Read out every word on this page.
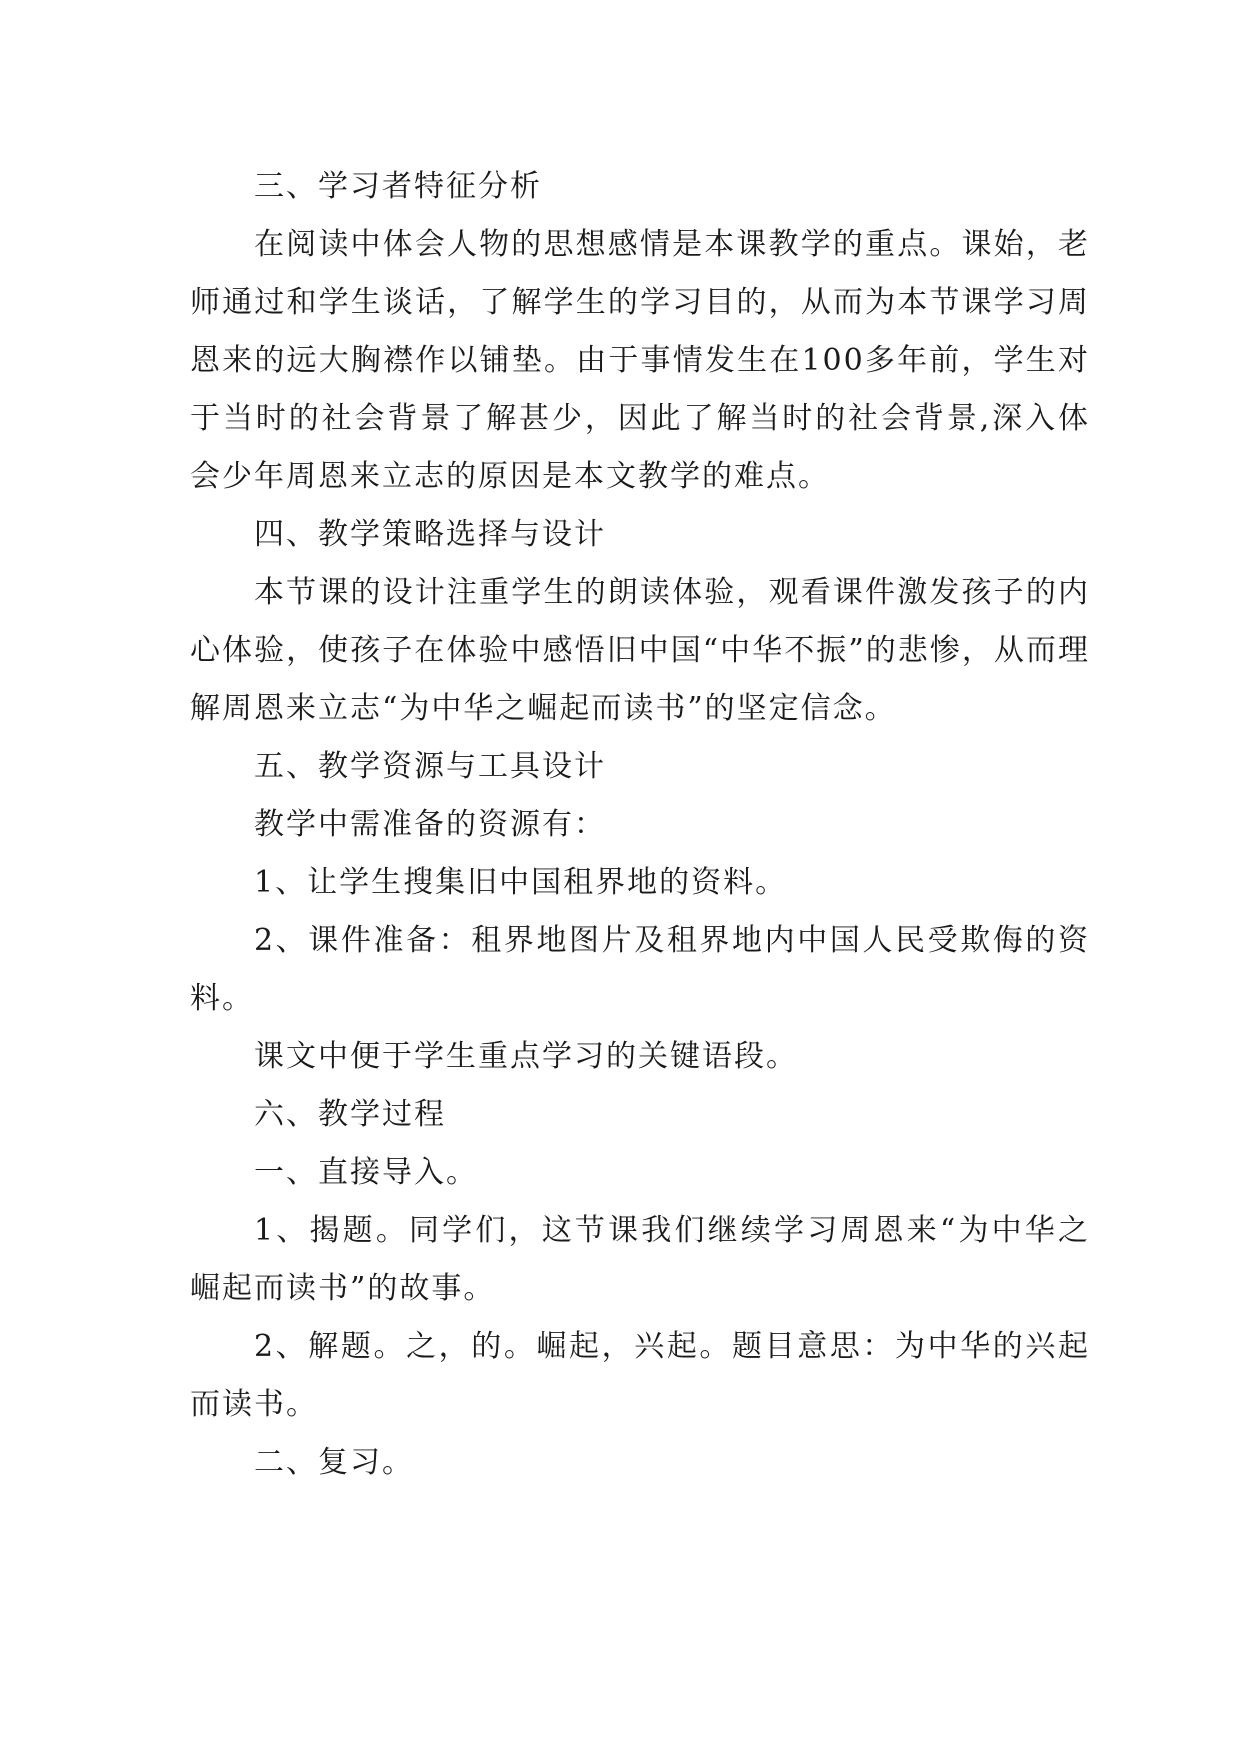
三、学习者特征分析

在阅读中体会人物的思想感情是本课教学的重点。课始，老师通过和学生谈话，了解学生的学习目的，从而为本节课学习周恩来的远大胸襟作以铺垫。由于事情发生在100多年前，学生对于当时的社会背景了解甚少，因此了解当时的社会背景,深入体会少年周恩来立志的原因是本文教学的难点。

四、教学策略选择与设计

本节课的设计注重学生的朗读体验，观看课件激发孩子的内心体验，使孩子在体验中感悟旧中国“中华不振”的悲惨，从而理解周恩来立志“为中华之崛起而读书”的坚定信念。

五、教学资源与工具设计

教学中需准备的资源有：

1、让学生搜集旧中国租界地的资料。

2、课件准备：租界地图片及租界地内中国人民受欺侮的资料。

课文中便于学生重点学习的关键语段。

六、教学过程

一、直接导入。

1、揭题。同学们，这节课我们继续学习周恩来“为中华之崛起而读书”的故事。

2、解题。之，的。崛起，兴起。题目意思：为中华的兴起而读书。

二、复习。
